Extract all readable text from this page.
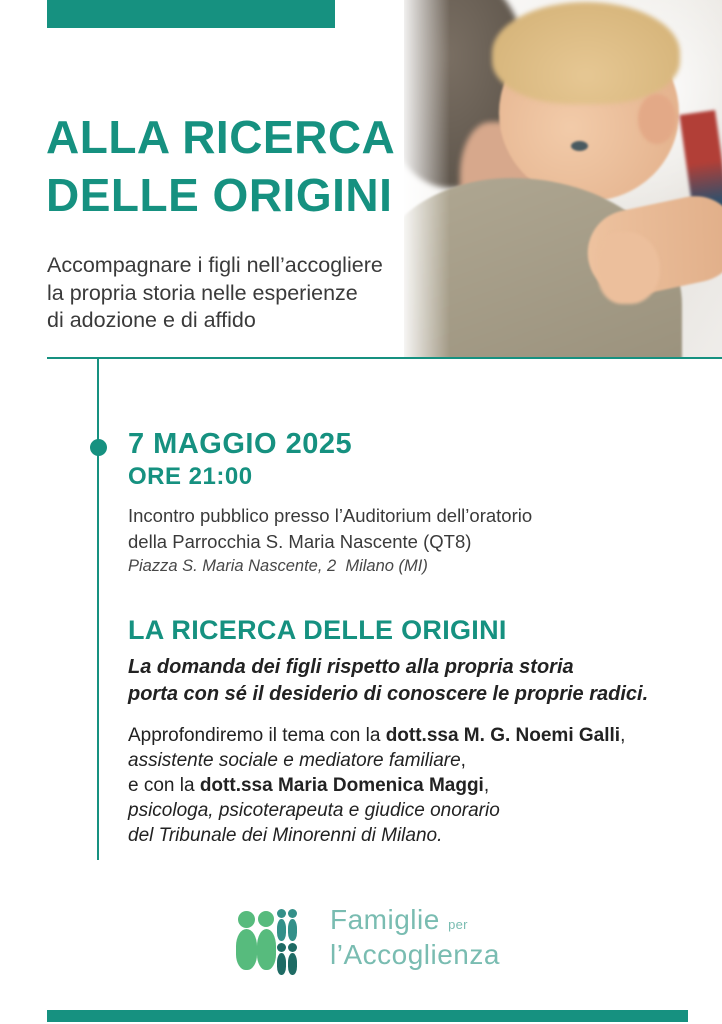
ALLA RICERCA
DELLE ORIGINI
Accompagnare i figli nell’accogliere
la propria storia nelle esperienze
di adozione e di affido
7 MAGGIO 2025
ORE 21:00
Incontro pubblico presso l’Auditorium dell’oratorio
della Parrocchia S. Maria Nascente (QT8)
Piazza S. Maria Nascente, 2  Milano (MI)
LA RICERCA DELLE ORIGINI
La domanda dei figli rispetto alla propria storia
porta con sé il desiderio di conoscere le proprie radici.
Approfondiremo il tema con la dott.ssa M. G. Noemi Galli,
assistente sociale e mediatore familiare,
e con la dott.ssa Maria Domenica Maggi,
psicologa, psicoterapeuta e giudice onorario
del Tribunale dei Minorenni di Milano.
Famiglie per
l’Accoglienza
